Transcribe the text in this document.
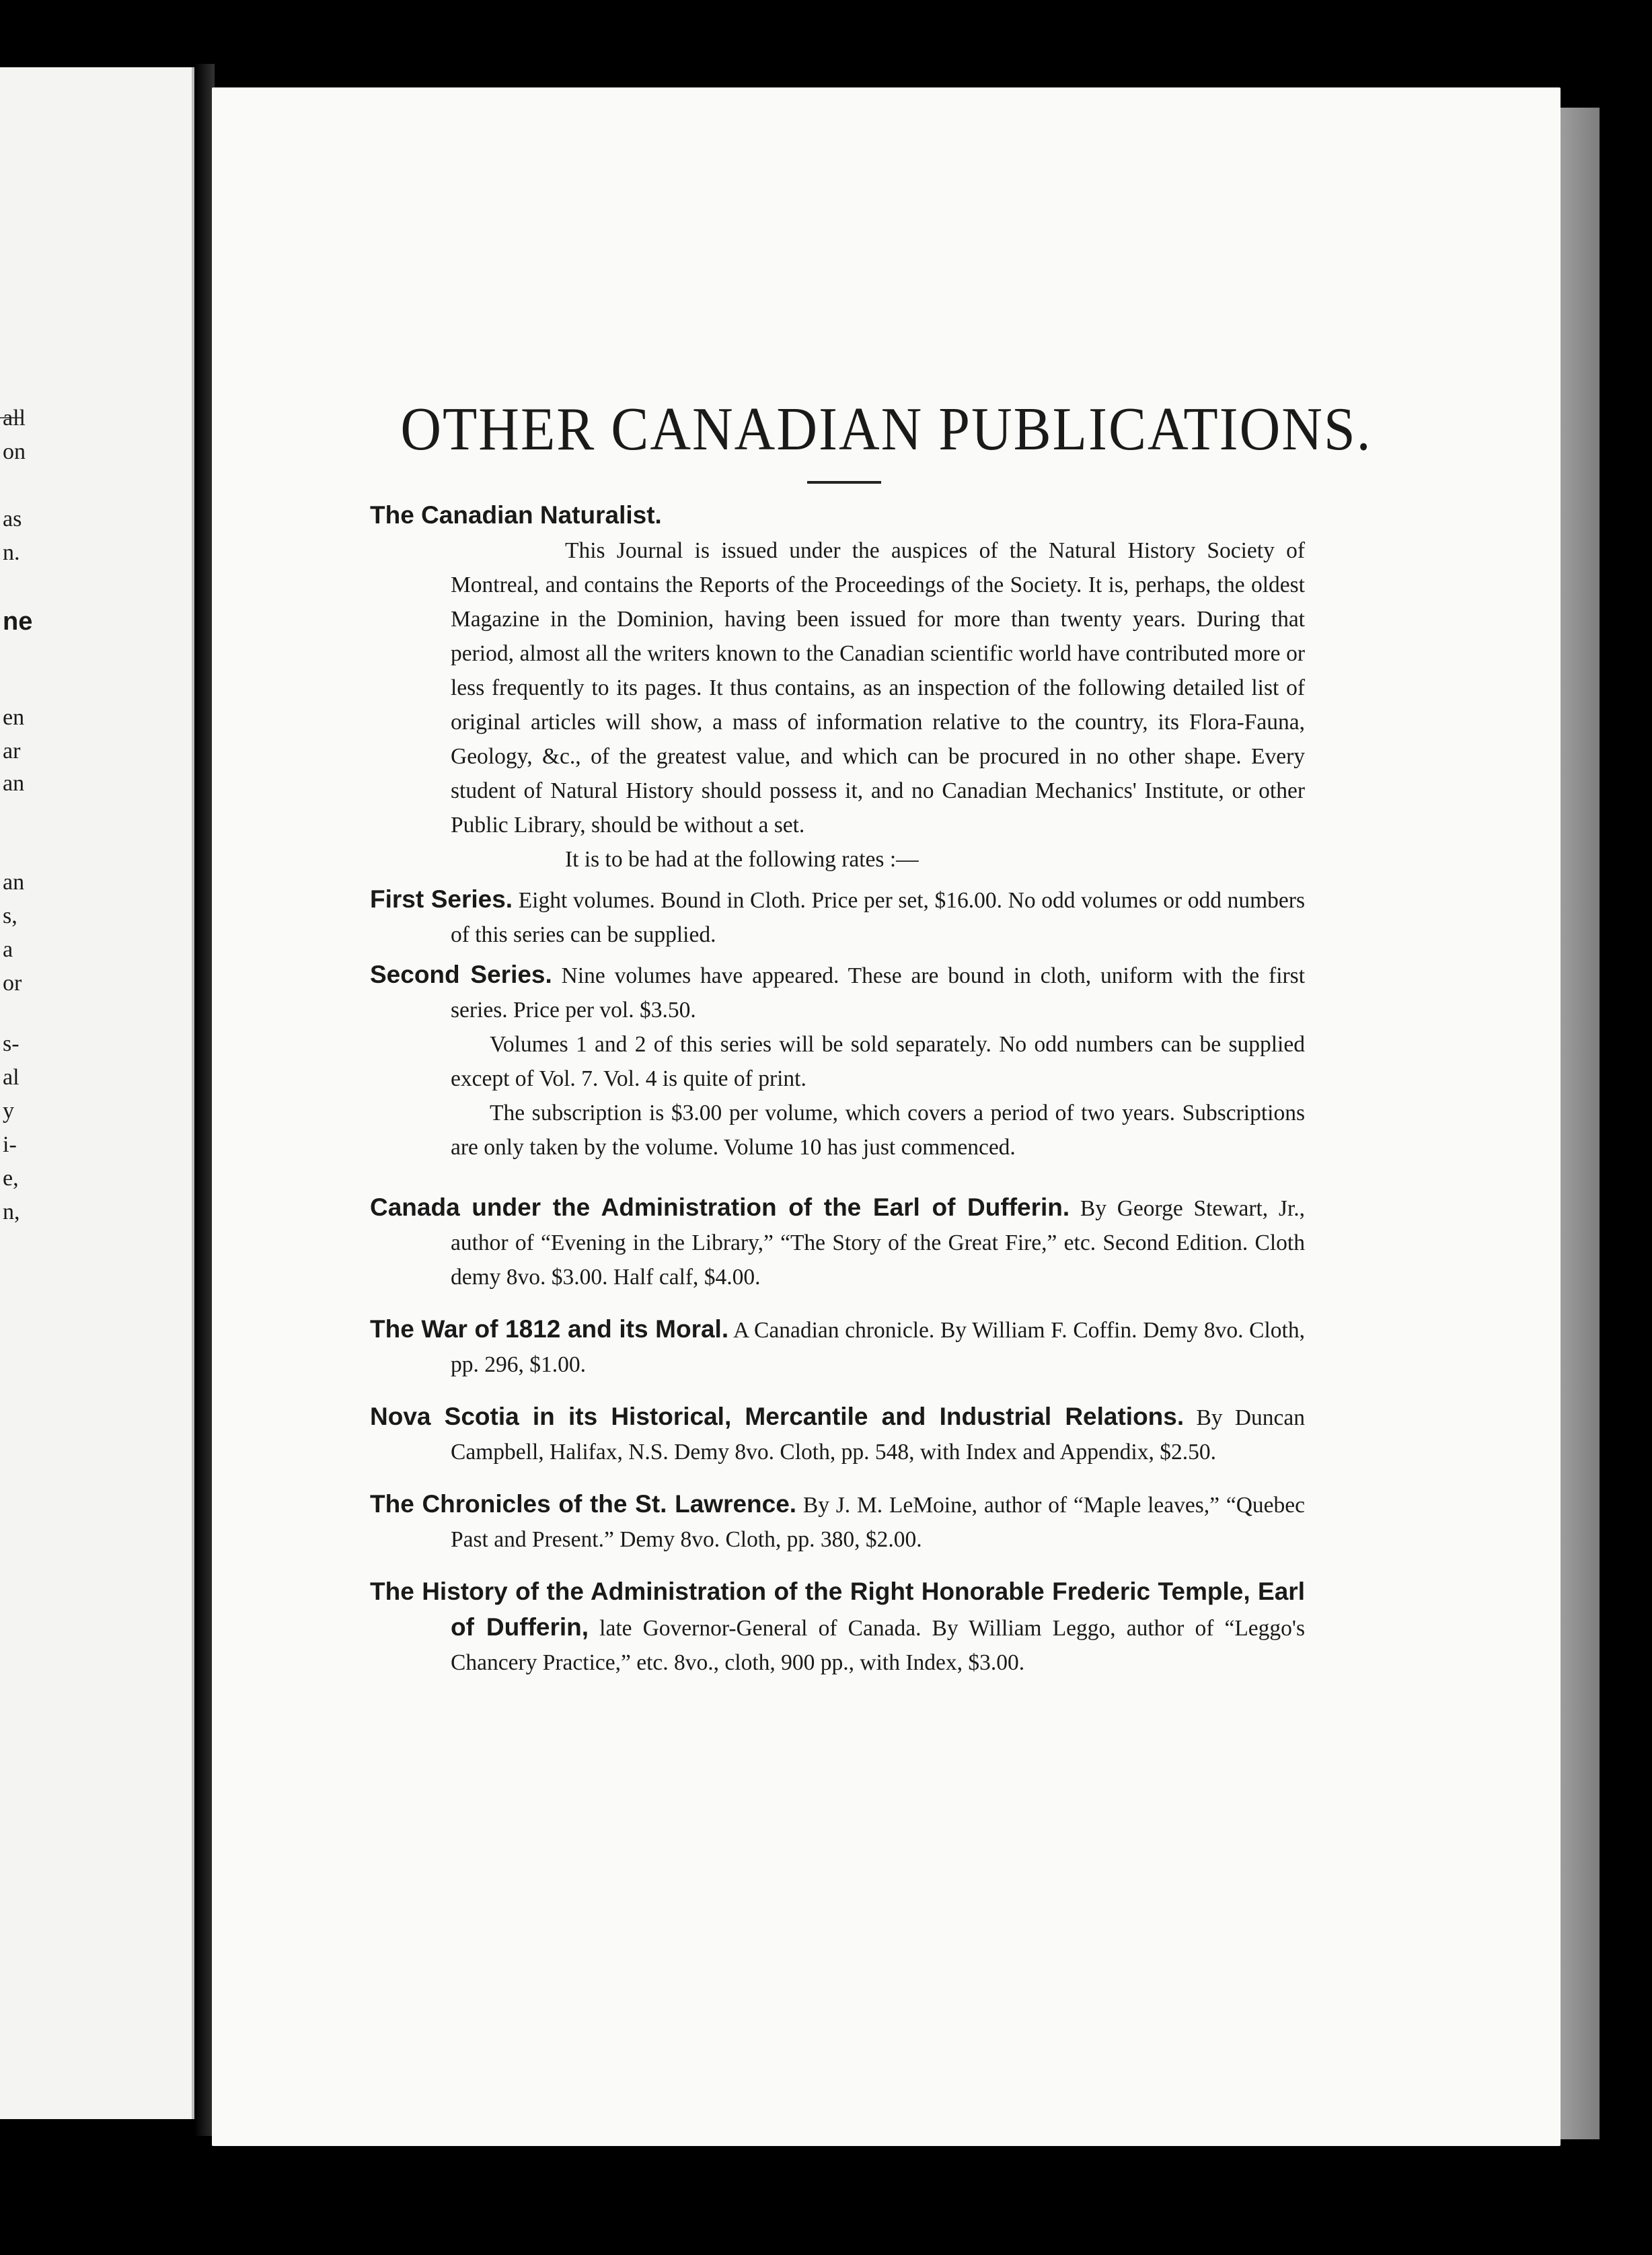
all
on
as
n.
ne
en
ar
an
an
s,
a
or
s-
al
y
i-
e,
n,
OTHER CANADIAN PUBLICATIONS.
The Canadian Naturalist.

This Journal is issued under the auspices of the Natural History Society of Montreal, and contains the Reports of the Proceedings of the Society. It is, perhaps, the oldest Magazine in the Dominion, having been issued for more than twenty years. During that period, almost all the writers known to the Canadian scientific world have contributed more or less frequently to its pages. It thus contains, as an inspection of the following detailed list of original articles will show, a mass of information relative to the country, its Flora-Fauna, Geology, &c., of the greatest value, and which can be procured in no other shape. Every student of Natural History should possess it, and no Canadian Mechanics' Institute, or other Public Library, should be without a set.

It is to be had at the following rates :—

First Series. Eight volumes. Bound in Cloth. Price per set, $16.00. No odd volumes or odd numbers of this series can be supplied.
Second Series. Nine volumes have appeared. These are bound in cloth, uniform with the first series. Price per vol. $3.50.

Volumes 1 and 2 of this series will be sold separately. No odd numbers can be supplied except of Vol. 7. Vol. 4 is quite of print.

The subscription is $3.00 per volume, which covers a period of two years. Subscriptions are only taken by the volume. Volume 10 has just commenced.

Canada under the Administration of the Earl of Dufferin. By George Stewart, Jr., author of “Evening in the Library,” “The Story of the Great Fire,” etc. Second Edition. Cloth demy 8vo. $3.00. Half calf, $4.00.
The War of 1812 and its Moral. A Canadian chronicle. By William F. Coffin. Demy 8vo. Cloth, pp. 296, $1.00.
Nova Scotia in its Historical, Mercantile and Industrial Relations. By Duncan Campbell, Halifax, N.S. Demy 8vo. Cloth, pp. 548, with Index and Appendix, $2.50.
The Chronicles of the St. Lawrence. By J. M. LeMoine, author of “Maple leaves,” “Quebec Past and Present.” Demy 8vo. Cloth, pp. 380, $2.00.
The History of the Administration of the Right Honorable Frederic Temple, Earl of Dufferin, late Governor-General of Canada. By William Leggo, author of “Leggo's Chancery Practice,” etc. 8vo., cloth, 900 pp., with Index, $3.00.
